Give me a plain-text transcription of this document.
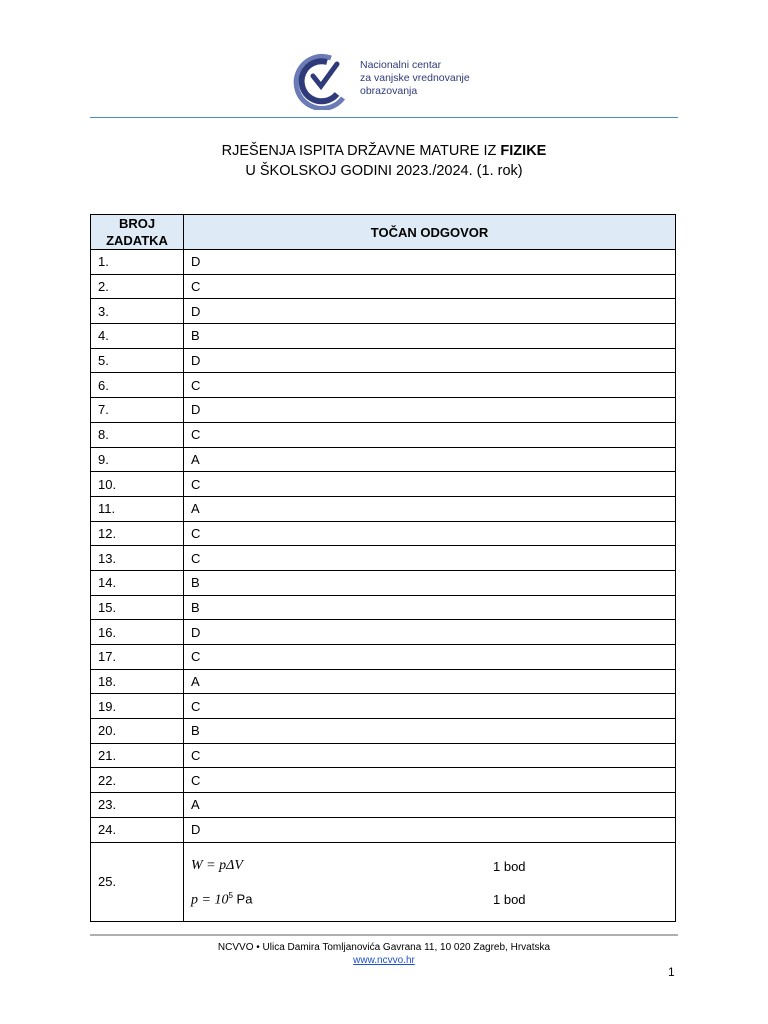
Nacionalni centar
za vanjske vrednovanje
obrazovanja
RJEŠENJA ISPITA DRŽAVNE MATURE IZ FIZIKE
U ŠKOLSKOJ GODINI 2023./2024. (1. rok)
BROJ
ZADATKA	TOČAN ODGOVOR
1.	D
2.	C
3.	D
4.	B
5.	D
6.	C
7.	D
8.	C
9.	A
10.	C
11.	A
12.	C
13.	C
14.	B
15.	B
16.	D
17.	C
18.	A
19.	C
20.	B
21.	C
22.	C
23.	A
24.	D
25.	W = pΔV 1 bod
$p = 10^5$ Pa 1 bod
NCVVO • Ulica Damira Tomljanovića Gavrana 11, 10 020 Zagreb, Hrvatska
www.ncvvo.hr
1
